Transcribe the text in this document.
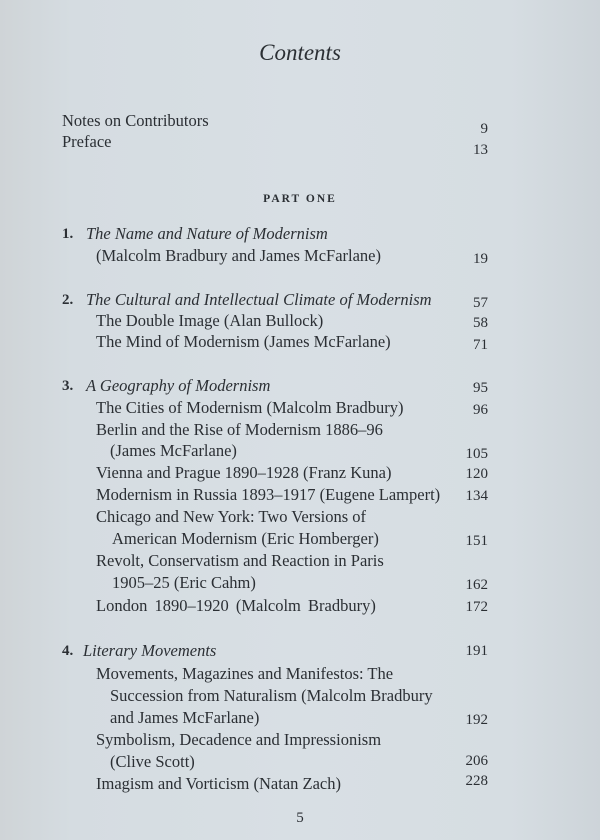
Contents
Notes on Contributors	9
Preface	13
PART ONE
1. The Name and Nature of Modernism
(Malcolm Bradbury and James McFarlane)	19
2. The Cultural and Intellectual Climate of Modernism	57
The Double Image (Alan Bullock)	58
The Mind of Modernism (James McFarlane)	71
3. A Geography of Modernism	95
The Cities of Modernism (Malcolm Bradbury)	96
Berlin and the Rise of Modernism 1886–96
(James McFarlane)	105
Vienna and Prague 1890–1928 (Franz Kuna)	120
Modernism in Russia 1893–1917 (Eugene Lampert) 134
Chicago and New York: Two Versions of
American Modernism (Eric Homberger)	151
Revolt, Conservatism and Reaction in Paris
1905–25 (Eric Cahm)	162
London 1890–1920 (Malcolm Bradbury)	172
4. Literary Movements	191
Movements, Magazines and Manifestos: The
Succession from Naturalism (Malcolm Bradbury
and James McFarlane)	192
Symbolism, Decadence and Impressionism
(Clive Scott)	206
Imagism and Vorticism (Natan Zach)	228
5
